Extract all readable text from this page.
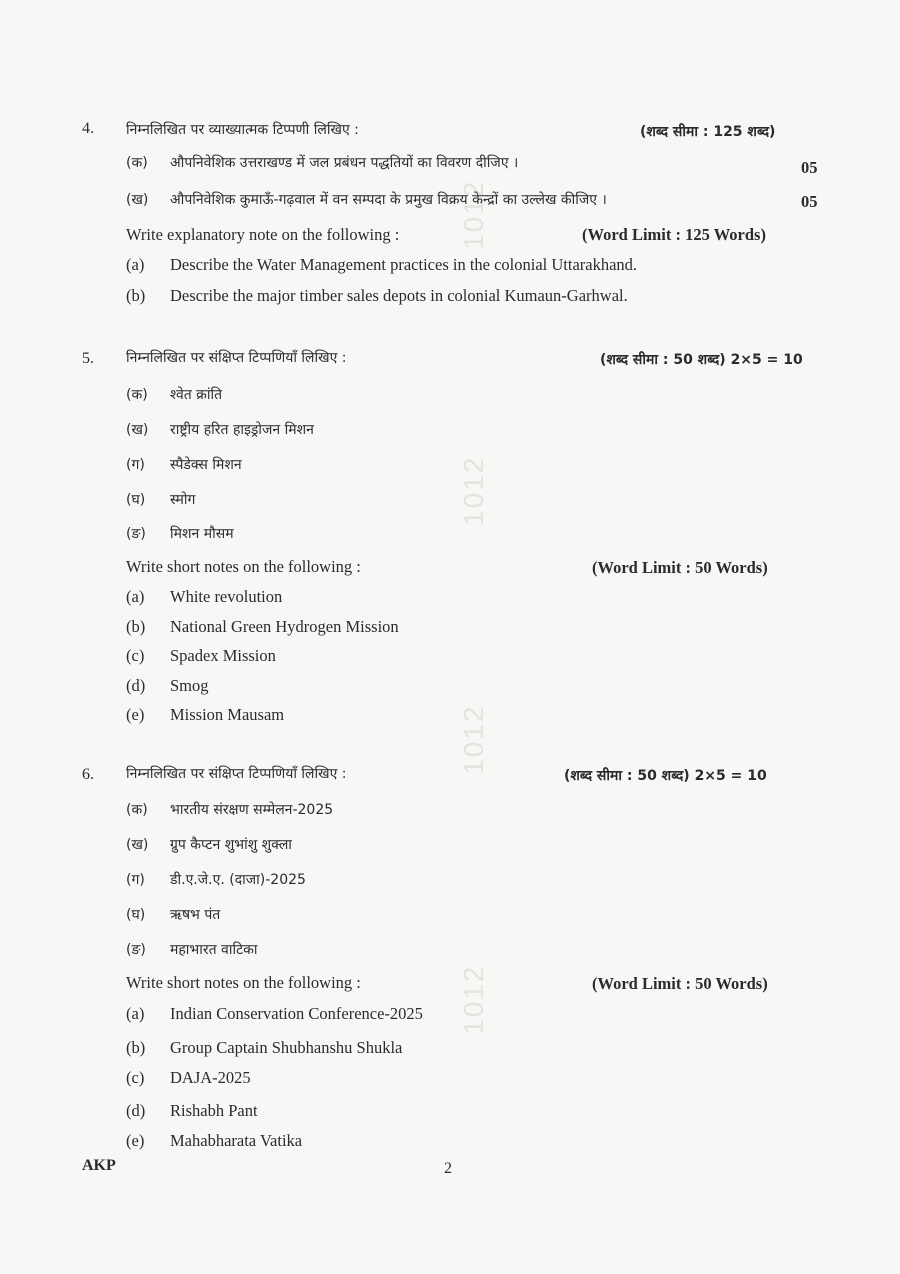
1012
1012
1012
1012
4. निम्नलिखित पर व्याख्यात्मक टिप्पणी लिखिए :	(शब्द सीमा : 125 शब्द)
(क) औपनिवेशिक उत्तराखण्ड में जल प्रबंधन पद्धतियों का विवरण दीजिए ।	05
(ख) औपनिवेशिक कुमाऊँ-गढ़वाल में वन सम्पदा के प्रमुख विक्रय केन्द्रों का उल्लेख कीजिए ।	05
Write explanatory note on the following :	(Word Limit : 125 Words)
(a) Describe the Water Management practices in the colonial Uttarakhand.
(b) Describe the major timber sales depots in colonial Kumaun-Garhwal.
5. निम्नलिखित पर संक्षिप्त टिप्पणियाँ लिखिए :	(शब्द सीमा : 50 शब्द) 2×5 = 10
(क) श्वेत क्रांति
(ख) राष्ट्रीय हरित हाइड्रोजन मिशन
(ग) स्पैडेक्स मिशन
(घ) स्मोग
(ङ) मिशन मौसम
Write short notes on the following :	(Word Limit : 50 Words)
(a) White revolution
(b) National Green Hydrogen Mission
(c) Spadex Mission
(d) Smog
(e) Mission Mausam
6. निम्नलिखित पर संक्षिप्त टिप्पणियाँ लिखिए :	(शब्द सीमा : 50 शब्द) 2×5 = 10
(क) भारतीय संरक्षण सम्मेलन-2025
(ख) ग्रुप कैप्टन शुभांशु शुक्ला
(ग) डी.ए.जे.ए. (दाजा)-2025
(घ) ऋषभ पंत
(ङ) महाभारत वाटिका
Write short notes on the following :	(Word Limit : 50 Words)
(a) Indian Conservation Conference-2025
(b) Group Captain Shubhanshu Shukla
(c) DAJA-2025
(d) Rishabh Pant
(e) Mahabharata Vatika
AKP	2
